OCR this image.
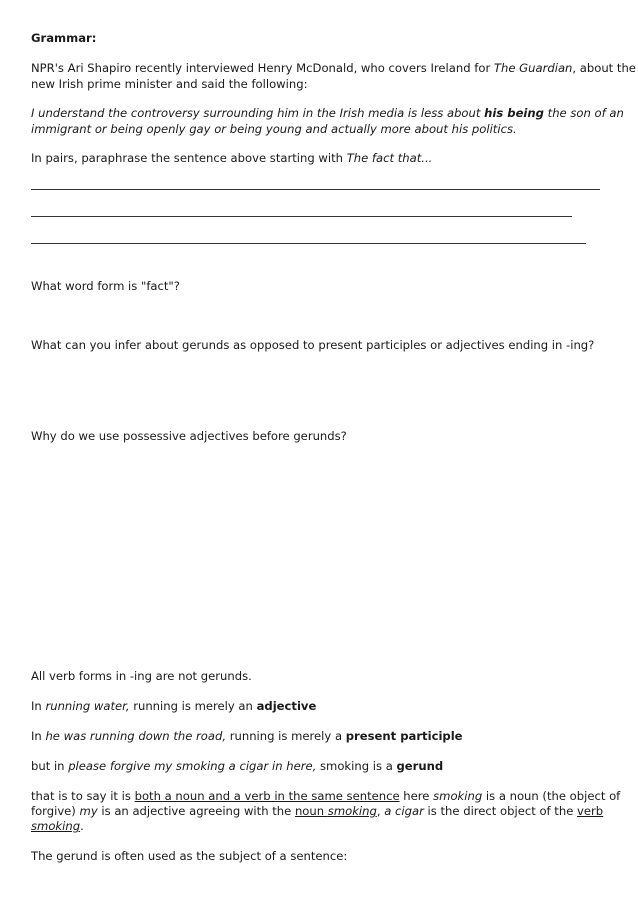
Grammar:
NPR's Ari Shapiro recently interviewed Henry McDonald, who covers Ireland for The Guardian, about the
new Irish prime minister and said the following:
I understand the controversy surrounding him in the Irish media is less about his being the son of an
immigrant or being openly gay or being young and actually more about his politics.
In pairs, paraphrase the sentence above starting with The fact that...
What word form is "fact"?
What can you infer about gerunds as opposed to present participles or adjectives ending in -ing?
Why do we use possessive adjectives before gerunds?
All verb forms in -ing are not gerunds.
In running water, running is merely an adjective
In he was running down the road, running is merely a present participle
but in please forgive my smoking a cigar in here, smoking is a gerund
that is to say it is both a noun and a verb in the same sentence here smoking is a noun (the object of
forgive) my is an adjective agreeing with the noun smoking, a cigar is the direct object of the verb
smoking.
The gerund is often used as the subject of a sentence:
